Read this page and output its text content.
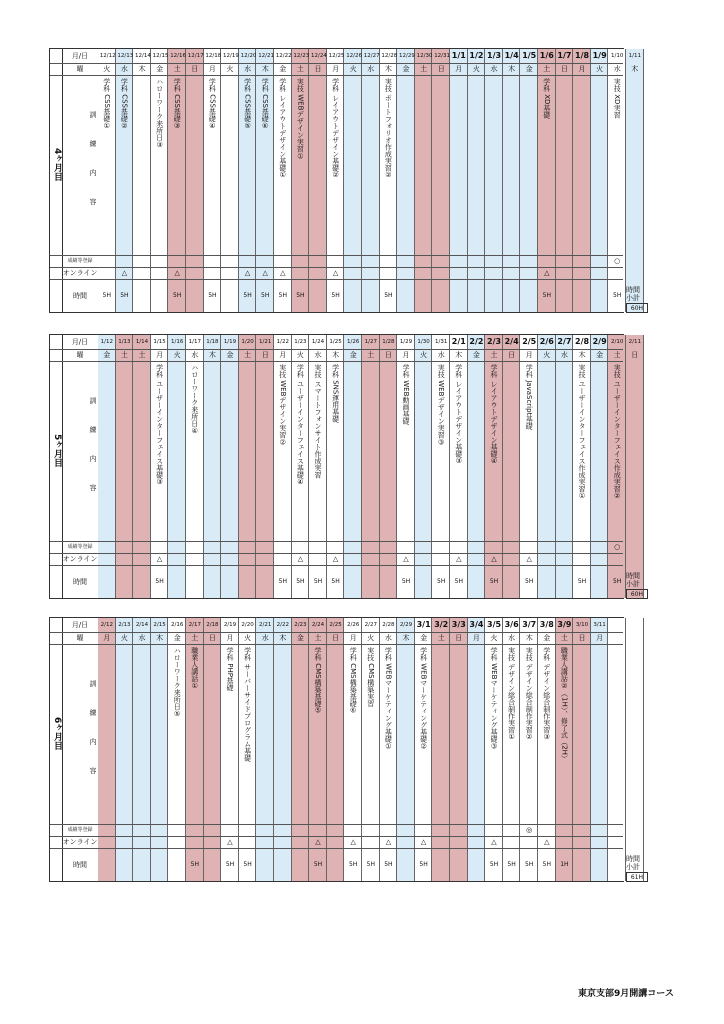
4ヶ月目
月/日
曜
成績等登録
オンライン
時間
訓練内容
12/12
火
学科 CSS基礎①
5H
12/13
水
学科 CSS基礎②
△
5H
12/14
木
12/15
金
ハローワーク来所日③
12/16
土
学科 CSS基礎③
△
5H
12/17
日
12/18
月
学科 CSS基礎④
5H
12/19
火
12/20
水
学科 CSS基礎⑤
△
5H
12/21
木
学科 CSS基礎⑥
△
5H
12/22
金
学科 レイアウトデザイン基礎①
△
5H
12/23
土
実技 WEBデザイン実習①
5H
12/24
日
12/25
月
学科 レイアウトデザイン基礎②
△
5H
12/26
火
12/27
水
12/28
木
実技 ポートフォリオ作成実習②
5H
12/29
金
12/30
土
12/31
日
1/1
月
1/2
火
1/3
水
1/4
木
1/5
金
1/6
土
学科 XD基礎
△
5H
1/7
日
1/8
月
1/9
火
1/10
水
実技 XD実習
○
5H
1/11
木
時間
小計
60H
5ヶ月目
月/日
曜
成績等登録
オンライン
時間
訓練内容
1/12
金
1/13
土
1/14
土
1/15
月
学科 ユーザーインターフェイス基礎③
△
5H
1/16
火
1/17
水
ハローワーク来所日④
1/18
木
1/19
金
1/20
土
1/21
日
1/22
月
実技 WEBデザイン実習②
5H
1/23
火
学科 ユーザーインターフェイス基礎④
△
5H
1/24
水
実技 スマートフォンサイト作成実習
5H
1/25
木
学科 SNS運用基礎
△
5H
1/26
金
1/27
土
1/28
日
1/29
月
学科 WEB動画基礎
△
5H
1/30
火
1/31
水
実技 WEBデザイン実習③
5H
2/1
木
学科 レイアウトデザイン基礎③
△
5H
2/2
金
2/3
土
学科 レイアウトデザイン基礎④
△
5H
2/4
日
2/5
月
学科 JavaScript基礎
△
5H
2/6
火
2/7
水
2/8
木
実技 ユーザーインターフェイス作成実習①
5H
2/9
金
2/10
土
実技 ユーザーインターフェイス作成実習②
○
5H
2/11
日
時間
小計
60H
6ヶ月目
月/日
曜
成績等登録
オンライン
時間
訓練内容
2/12
月
2/13
火
2/14
水
2/15
木
2/16
金
ハローワーク来所日⑤
2/17
土
職業人講話①
5H
2/18
日
2/19
月
学科 PHP基礎
△
5H
2/20
火
学科 サーバーサイドプログラム基礎
5H
2/21
水
2/22
木
2/23
金
2/24
土
学科 CMS構築基礎⑤
△
5H
2/25
日
2/26
月
学科 CMS構築基礎⑥
△
5H
2/27
火
実技 CMS構築実習
5H
2/28
水
学科 WEBマーケティング基礎①
△
5H
2/29
木
3/1
金
学科 WEBマーケティング基礎②
△
5H
3/2
土
3/3
日
3/4
月
3/5
火
学科 WEBマーケティング基礎③
△
5H
3/6
水
実技 デザイン総合制作実習①
5H
3/7
木
実技 デザイン総合制作実習②
◎
5H
3/8
金
学科 デザイン総合制作実習③
△
5H
3/9
土
職業人講話②（1H）、修了式（2H）
1H
3/10
日
3/11
月
時間
小計
61H
東京支部9月開講コース
